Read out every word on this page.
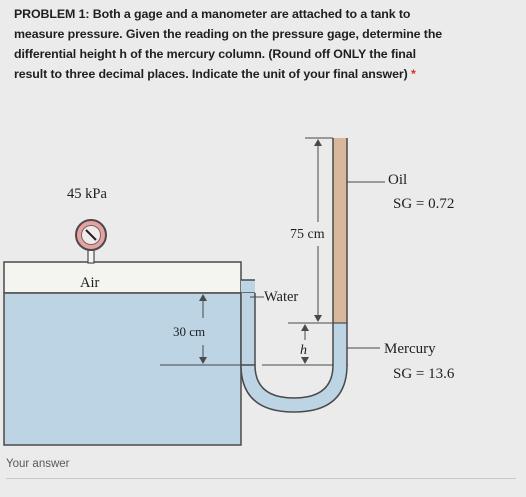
PROBLEM 1: Both a gage and a manometer are attached to a tank to
measure pressure. Given the reading on the pressure gage, determine the
differential height h of the mercury column. (Round off ONLY the final
result to three decimal places. Indicate the unit of your final answer) *
45 kPa
Air
30 cm
Water
75 cm
h
Oil
SG = 0.72
Mercury
SG = 13.6
Your answer
